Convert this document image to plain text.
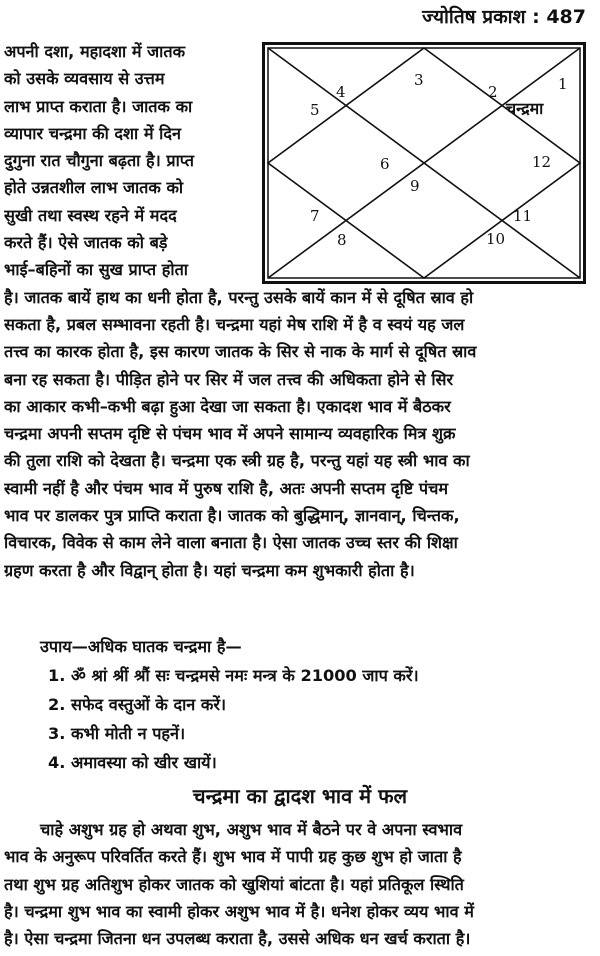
ज्योतिष प्रकाश : 487
1
2
3
4
5
6
7
8
9
10
11
12
चन्द्रमा
अपनी दशा, महादशा में जातक
को उसके व्यवसाय से उत्तम
लाभ प्राप्त कराता है। जातक का
व्यापार चन्द्रमा की दशा में दिन
दुगुना रात चौगुना बढ़ता है। प्राप्त
होते उन्नतशील लाभ जातक को
सुखी तथा स्वस्थ रहने में मदद
करते हैं। ऐसे जातक को बड़े
भाई–बहिनों का सुख प्राप्त होता
है। जातक बायें हाथ का धनी होता है, परन्तु उसके बायें कान में से दूषित स्राव हो
सकता है, प्रबल सम्भावना रहती है। चन्द्रमा यहां मेष राशि में है व स्वयं यह जल
तत्त्व का कारक होता है, इस कारण जातक के सिर से नाक के मार्ग से दूषित स्राव
बना रह सकता है। पीड़ित होने पर सिर में जल तत्त्व की अधिकता होने से सिर
का आकार कभी–कभी बढ़ा हुआ देखा जा सकता है। एकादश भाव में बैठकर
चन्द्रमा अपनी सप्तम दृष्टि से पंचम भाव में अपने सामान्य व्यवहारिक मित्र शुक्र
की तुला राशि को देखता है। चन्द्रमा एक स्त्री ग्रह है, परन्तु यहां यह स्त्री भाव का
स्वामी नहीं है और पंचम भाव में पुरुष राशि है, अतः अपनी सप्तम दृष्टि पंचम
भाव पर डालकर पुत्र प्राप्ति कराता है। जातक को बुद्धिमान्, ज्ञानवान्, चिन्तक,
विचारक, विवेक से काम लेने वाला बनाता है। ऐसा जातक उच्च स्तर की शिक्षा
ग्रहण करता है और विद्वान् होता है। यहां चन्द्रमा कम शुभकारी होता है।
उपाय—अधिक घातक चन्द्रमा है—
1. ॐ श्रां श्रीं श्रौं सः चन्द्रमसे नमः मन्त्र के 21000 जाप करें।
2. सफेद वस्तुओं के दान करें।
3. कभी मोती न पहनें।
4. अमावस्या को खीर खायें।
चन्द्रमा का द्वादश भाव में फल
चाहे अशुभ ग्रह हो अथवा शुभ, अशुभ भाव में बैठने पर वे अपना स्वभाव
भाव के अनुरूप परिवर्तित करते हैं। शुभ भाव में पापी ग्रह कुछ शुभ हो जाता है
तथा शुभ ग्रह अतिशुभ होकर जातक को खुशियां बांटता है। यहां प्रतिकूल स्थिति
है। चन्द्रमा शुभ भाव का स्वामी होकर अशुभ भाव में है। धनेश होकर व्यय भाव में
है। ऐसा चन्द्रमा जितना धन उपलब्ध कराता है, उससे अधिक धन खर्च कराता है।
